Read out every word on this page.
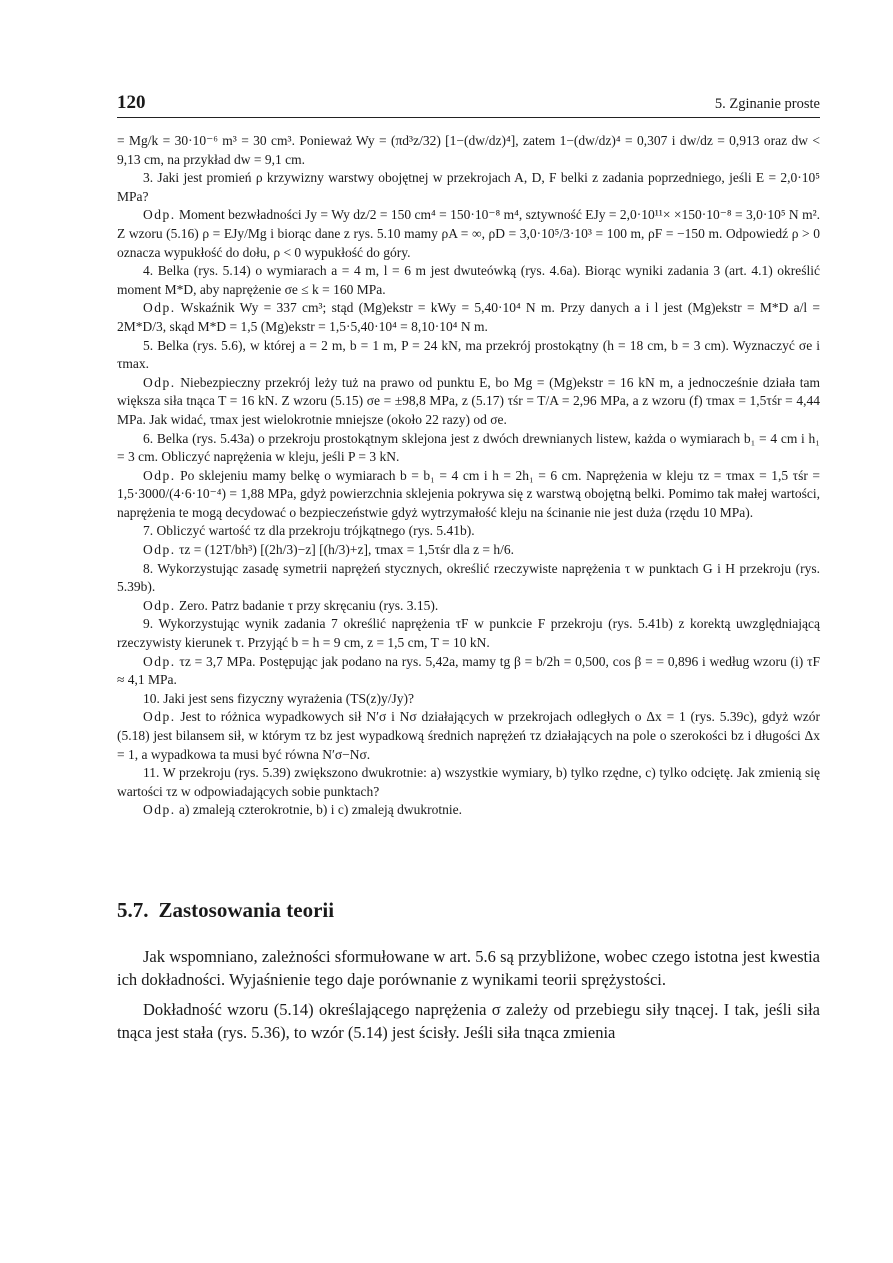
120	5. Zginanie proste

= Mg/k = 30·10⁻⁶ m³ = 30 cm³. Ponieważ Wy = (πd³z/32) [1−(dw/dz)⁴], zatem 1−(dw/dz)⁴ = 0,307 i dw/dz = 0,913 oraz dw < 9,13 cm, na przykład dw = 9,1 cm.

3. Jaki jest promień ρ krzywizny warstwy obojętnej w przekrojach A, D, F belki z zadania poprzedniego, jeśli E = 2,0·10⁵ MPa?

Odp. Moment bezwładności Jy = Wy dz/2 = 150 cm⁴ = 150·10⁻⁸ m⁴, sztywność EJy = 2,0·10¹¹× ×150·10⁻⁸ = 3,0·10⁵ N m². Z wzoru (5.16) ρ = EJy/Mg i biorąc dane z rys. 5.10 mamy ρA = ∞, ρD = 3,0·10⁵/3·10³ = 100 m, ρF = −150 m. Odpowiedź ρ > 0 oznacza wypukłość do dołu, ρ < 0 wypukłość do góry.

4. Belka (rys. 5.14) o wymiarach a = 4 m, l = 6 m jest dwuteówką (rys. 4.6a). Biorąc wyniki zadania 3 (art. 4.1) określić moment M*D, aby naprężenie σe ≤ k = 160 MPa.

Odp. Wskaźnik Wy = 337 cm³; stąd (Mg)ekstr = kWy = 5,40·10⁴ N m. Przy danych a i l jest (Mg)ekstr = M*D a/l = 2M*D/3, skąd M*D = 1,5 (Mg)ekstr = 1,5·5,40·10⁴ = 8,10·10⁴ N m.

5. Belka (rys. 5.6), w której a = 2 m, b = 1 m, P = 24 kN, ma przekrój prostokątny (h = 18 cm, b = 3 cm). Wyznaczyć σe i τmax.

Odp. Niebezpieczny przekrój leży tuż na prawo od punktu E, bo Mg = (Mg)ekstr = 16 kN m, a jednocześnie działa tam większa siła tnąca T = 16 kN. Z wzoru (5.15) σe = ±98,8 MPa, z (5.17) τśr = T/A = 2,96 MPa, a z wzoru (f) τmax = 1,5τśr = 4,44 MPa. Jak widać, τmax jest wielokrotnie mniejsze (około 22 razy) od σe.

6. Belka (rys. 5.43a) o przekroju prostokątnym sklejona jest z dwóch drewnianych listew, każda o wymiarach b₁ = 4 cm i h₁ = 3 cm. Obliczyć naprężenia w kleju, jeśli P = 3 kN.

Odp. Po sklejeniu mamy belkę o wymiarach b = b₁ = 4 cm i h = 2h₁ = 6 cm. Naprężenia w kleju τz = τmax = 1,5 τśr = 1,5·3000/(4·6·10⁻⁴) = 1,88 MPa, gdyż powierzchnia sklejenia pokrywa się z warstwą obojętną belki. Pomimo tak małej wartości, naprężenia te mogą decydować o bezpieczeństwie gdyż wytrzymałość kleju na ścinanie nie jest duża (rzędu 10 MPa).

7. Obliczyć wartość τz dla przekroju trójkątnego (rys. 5.41b).

Odp. τz = (12T/bh³) [(2h/3)−z] [(h/3)+z], τmax = 1,5τśr dla z = h/6.

8. Wykorzystując zasadę symetrii naprężeń stycznych, określić rzeczywiste naprężenia τ w punktach G i H przekroju (rys. 5.39b).

Odp. Zero. Patrz badanie τ przy skręcaniu (rys. 3.15).

9. Wykorzystując wynik zadania 7 określić naprężenia τF w punkcie F przekroju (rys. 5.41b) z korektą uwzględniającą rzeczywisty kierunek τ. Przyjąć b = h = 9 cm, z = 1,5 cm, T = 10 kN.

Odp. τz = 3,7 MPa. Postępując jak podano na rys. 5,42a, mamy tg β = b/2h = 0,500, cos β = = 0,896 i według wzoru (i) τF ≈ 4,1 MPa.

10. Jaki jest sens fizyczny wyrażenia (TS(z)y/Jy)?

Odp. Jest to różnica wypadkowych sił N′σ i Nσ działających w przekrojach odległych o Δx = 1 (rys. 5.39c), gdyż wzór (5.18) jest bilansem sił, w którym τz bz jest wypadkową średnich naprężeń τz działających na pole o szerokości bz i długości Δx = 1, a wypadkowa ta musi być równa N′σ−Nσ.

11. W przekroju (rys. 5.39) zwiększono dwukrotnie: a) wszystkie wymiary, b) tylko rzędne, c) tylko odciętę. Jak zmienią się wartości τz w odpowiadających sobie punktach?

Odp. a) zmaleją czterokrotnie, b) i c) zmaleją dwukrotnie.

5.7. Zastosowania teorii

Jak wspomniano, zależności sformułowane w art. 5.6 są przybliżone, wobec czego istotna jest kwestia ich dokładności. Wyjaśnienie tego daje porównanie z wynikami teorii sprężystości.

Dokładność wzoru (5.14) określającego naprężenia σ zależy od przebiegu siły tnącej. I tak, jeśli siła tnąca jest stała (rys. 5.36), to wzór (5.14) jest ścisły. Jeśli siła tnąca zmienia
